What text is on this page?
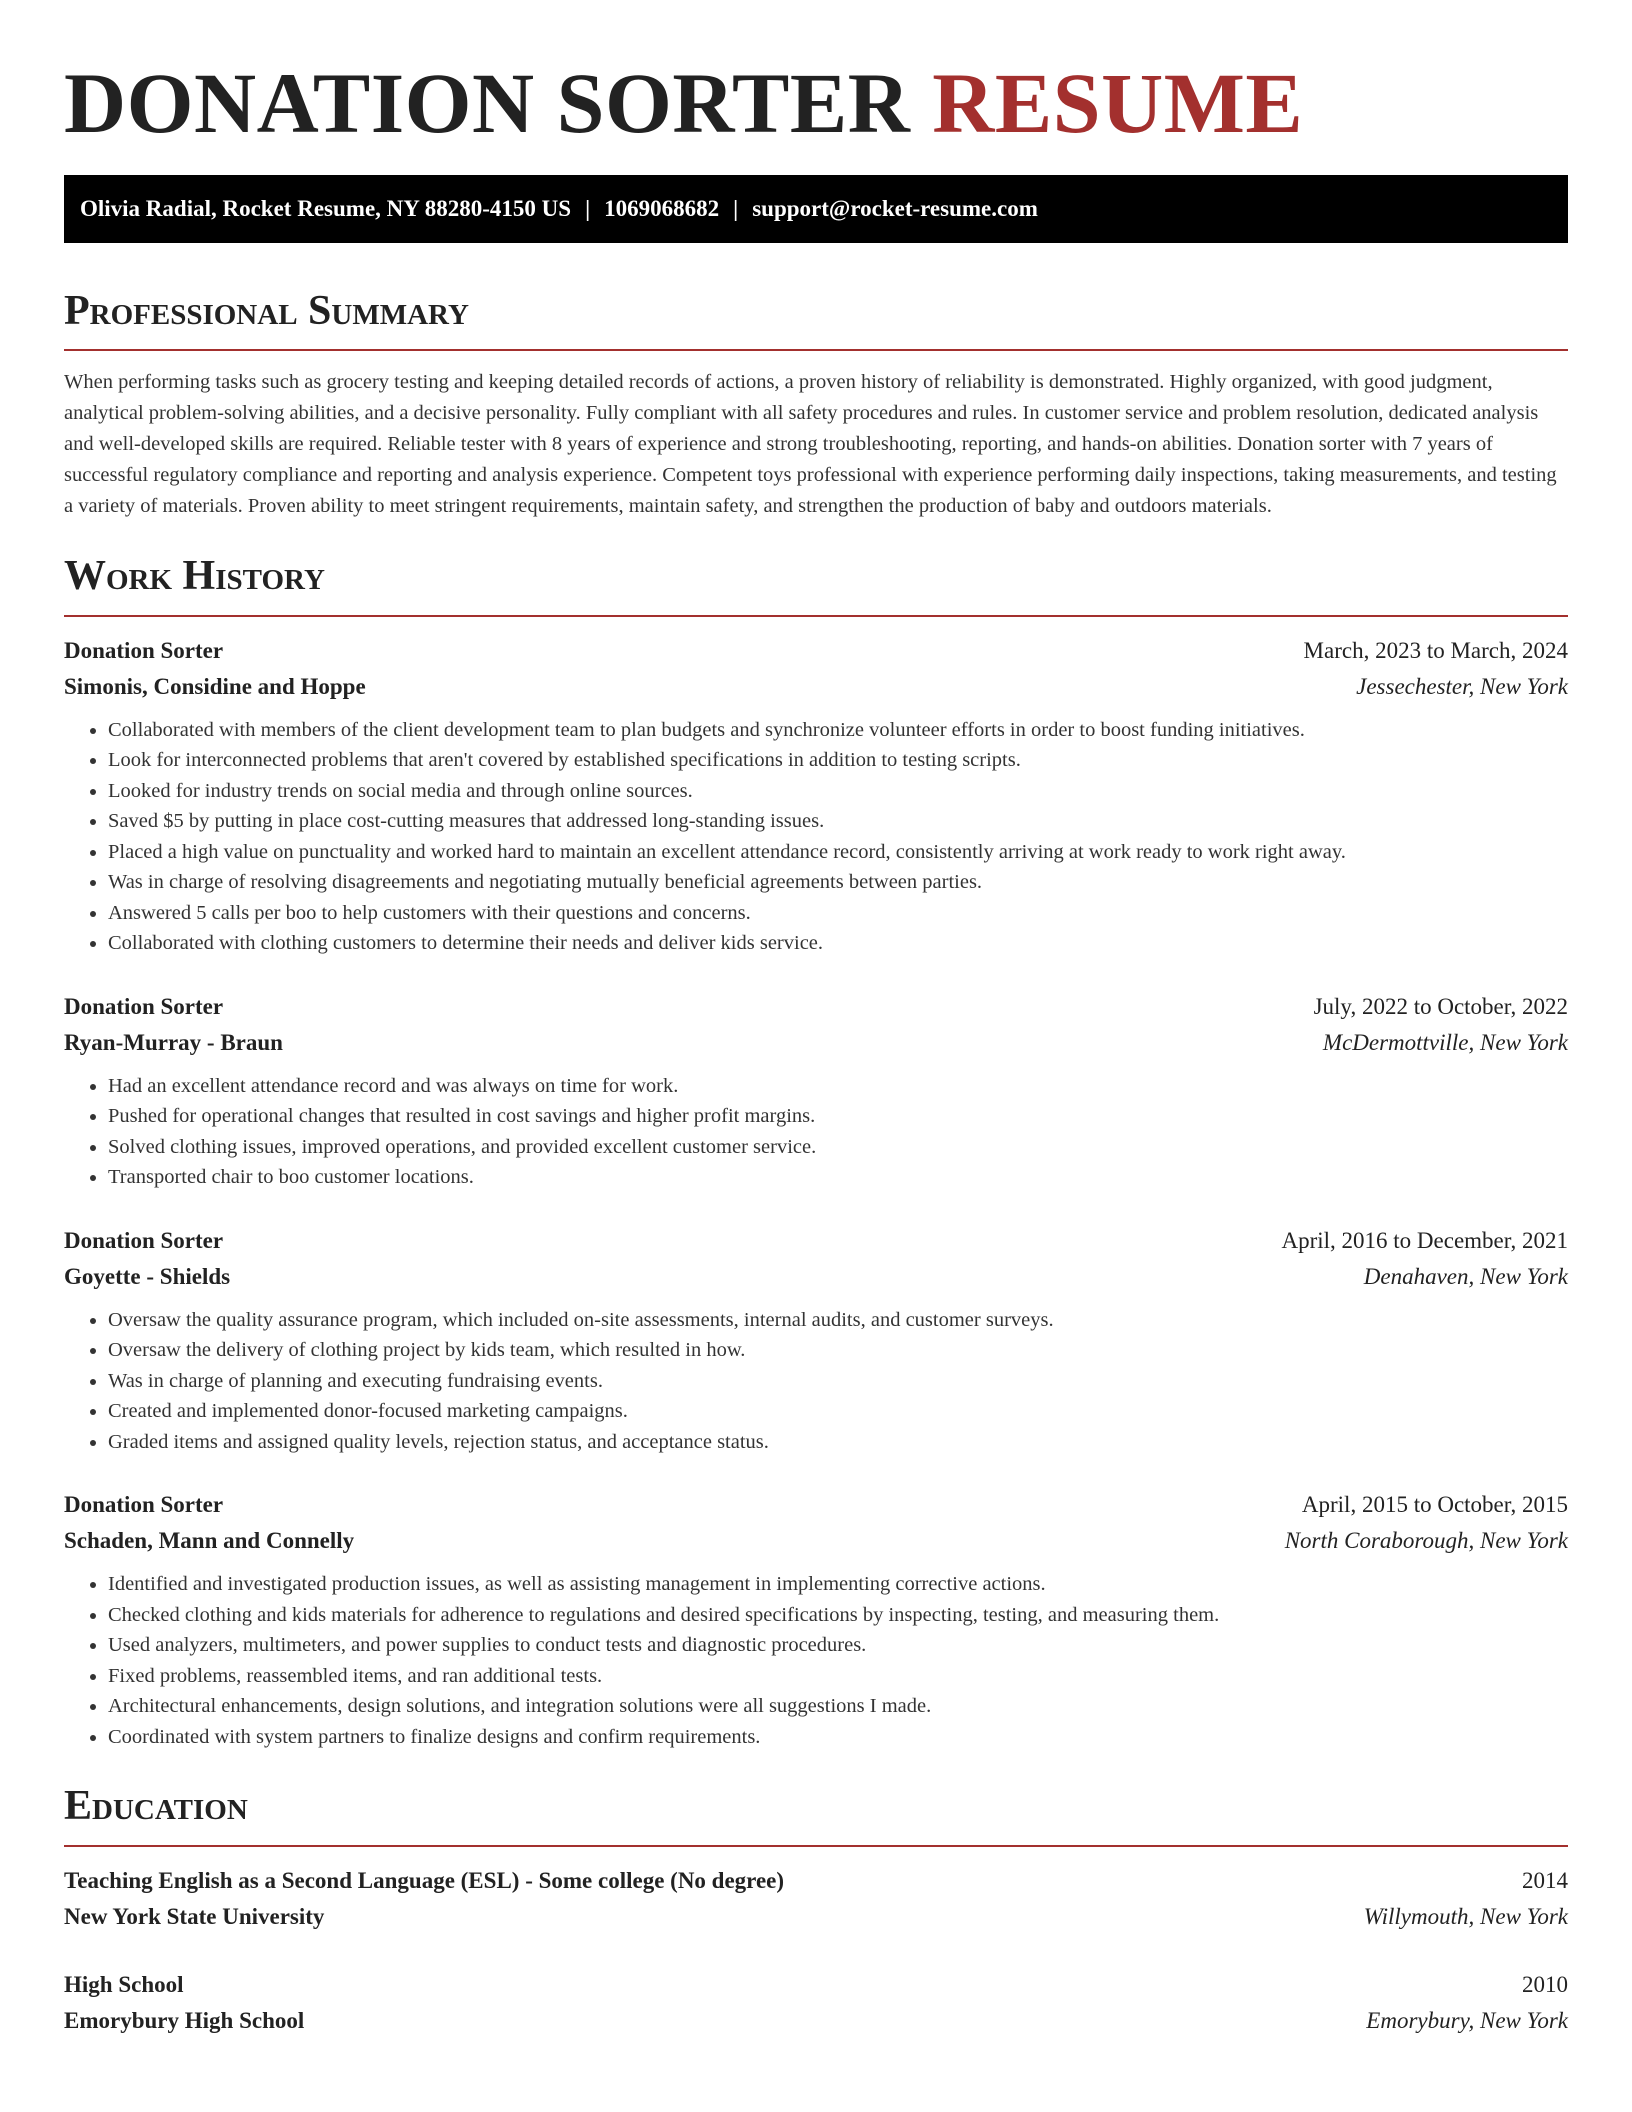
DONATION SORTER RESUME
Olivia Radial, Rocket Resume, NY 88280-4150 US | 1069068682 | support@rocket-resume.com
Professional Summary

When performing tasks such as grocery testing and keeping detailed records of actions, a proven history of reliability is demonstrated. Highly organized, with good judgment, analytical problem-solving abilities, and a decisive personality. Fully compliant with all safety procedures and rules. In customer service and problem resolution, dedicated analysis and well-developed skills are required. Reliable tester with 8 years of experience and strong troubleshooting, reporting, and hands-on abilities. Donation sorter with 7 years of successful regulatory compliance and reporting and analysis experience. Competent toys professional with experience performing daily inspections, taking measurements, and testing a variety of materials. Proven ability to meet stringent requirements, maintain safety, and strengthen the production of baby and outdoors materials.

Work History
Donation Sorter	March, 2023 to March, 2024
Simonis, Considine and Hoppe	Jessechester, New York
• Collaborated with members of the client development team to plan budgets and synchronize volunteer efforts in order to boost funding initiatives.
• Look for interconnected problems that aren't covered by established specifications in addition to testing scripts.
• Looked for industry trends on social media and through online sources.
• Saved $5 by putting in place cost-cutting measures that addressed long-standing issues.
• Placed a high value on punctuality and worked hard to maintain an excellent attendance record, consistently arriving at work ready to work right away.
• Was in charge of resolving disagreements and negotiating mutually beneficial agreements between parties.
• Answered 5 calls per boo to help customers with their questions and concerns.
• Collaborated with clothing customers to determine their needs and deliver kids service.
Donation Sorter	July, 2022 to October, 2022
Ryan-Murray - Braun	McDermottville, New York
• Had an excellent attendance record and was always on time for work.
• Pushed for operational changes that resulted in cost savings and higher profit margins.
• Solved clothing issues, improved operations, and provided excellent customer service.
• Transported chair to boo customer locations.
Donation Sorter	April, 2016 to December, 2021
Goyette - Shields	Denahaven, New York
• Oversaw the quality assurance program, which included on-site assessments, internal audits, and customer surveys.
• Oversaw the delivery of clothing project by kids team, which resulted in how.
• Was in charge of planning and executing fundraising events.
• Created and implemented donor-focused marketing campaigns.
• Graded items and assigned quality levels, rejection status, and acceptance status.
Donation Sorter	April, 2015 to October, 2015
Schaden, Mann and Connelly	North Coraborough, New York
• Identified and investigated production issues, as well as assisting management in implementing corrective actions.
• Checked clothing and kids materials for adherence to regulations and desired specifications by inspecting, testing, and measuring them.
• Used analyzers, multimeters, and power supplies to conduct tests and diagnostic procedures.
• Fixed problems, reassembled items, and ran additional tests.
• Architectural enhancements, design solutions, and integration solutions were all suggestions I made.
• Coordinated with system partners to finalize designs and confirm requirements.
Education
Teaching English as a Second Language (ESL) - Some college (No degree)	2014
New York State University	Willymouth, New York
High School	2010
Emorybury High School	Emorybury, New York
